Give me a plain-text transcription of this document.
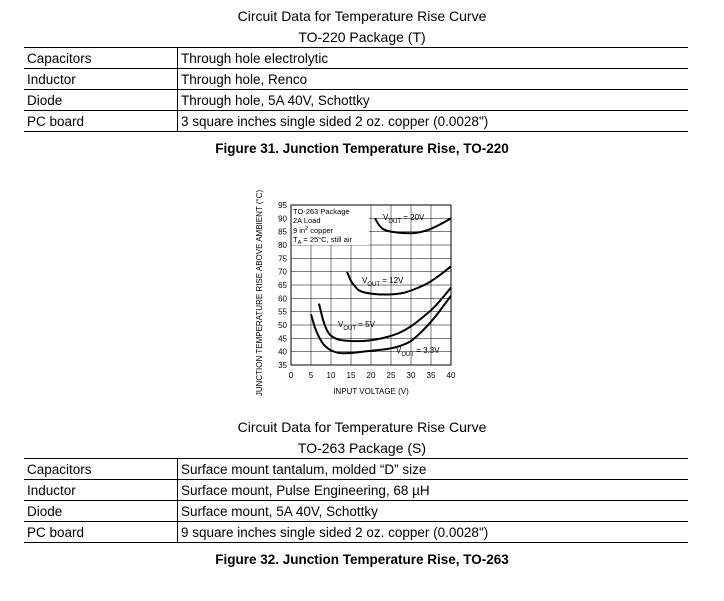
Circuit Data for Temperature Rise Curve
TO-220 Package (T)
Capacitors	Through hole electrolytic
Inductor	Through hole, Renco
Diode	Through hole, 5A 40V, Schottky
PC board	3 square inches single sided 2 oz. copper (0.0028")
Figure 31. Junction Temperature Rise, TO-220
35
40
45
50
55
60
65
70
75
80
85
90
95
0 5 10 15 20 25 30 35 40
TO-263 Package
2A Load
9 $in^2$ copper
$T_A = 25^\circ C$, still air
$V_{OUT} = 20V$
$V_{OUT} = 12V$
$V_{OUT} = 5V$
$V_{OUT} = 3.3V$
JUNCTION TEMPERATURE RISE ABOVE AMBIENT (°C)	INPUT VOLTAGE (V)
Circuit Data for Temperature Rise Curve
TO-263 Package (S)
Capacitors	Surface mount tantalum, molded “D” size
Inductor	Surface mount, Pulse Engineering, 68 µH
Diode	Surface mount, 5A 40V, Schottky
PC board	9 square inches single sided 2 oz. copper (0.0028")
Figure 32. Junction Temperature Rise, TO-263
